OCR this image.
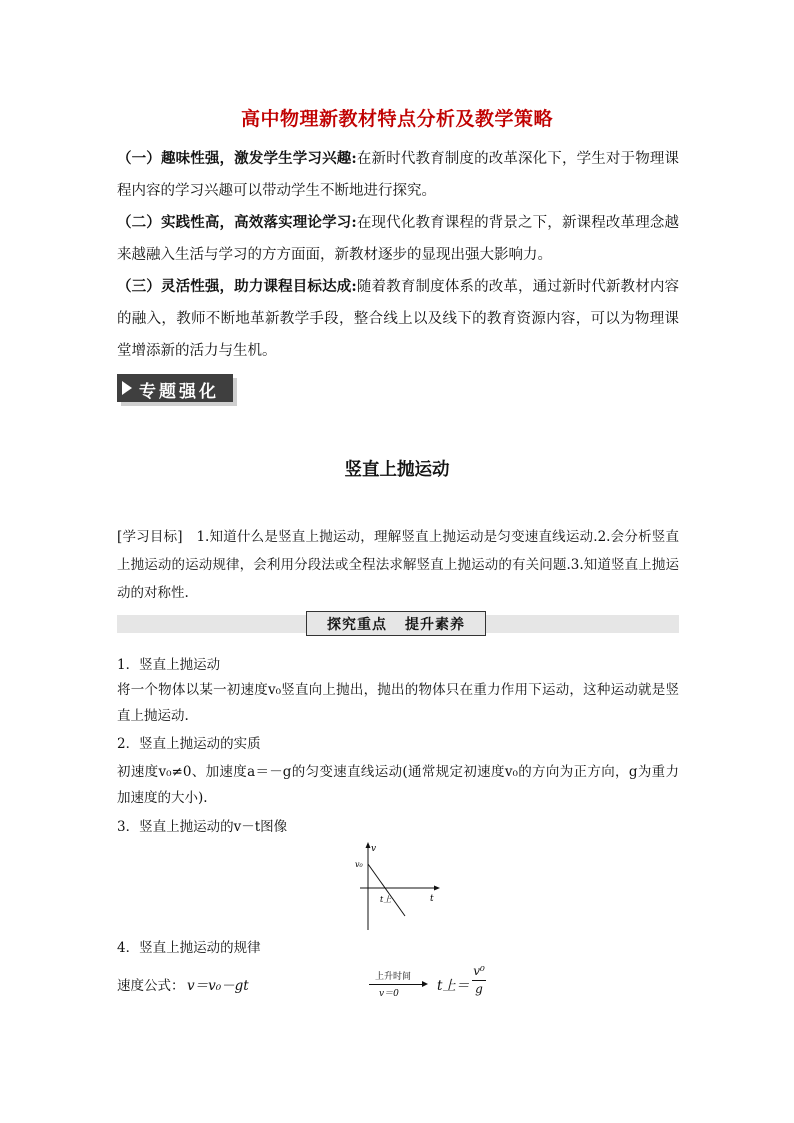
高中物理新教材特点分析及教学策略
（一）趣味性强，激发学生学习兴趣:在新时代教育制度的改革深化下，学生对于物理课程内容的学习兴趣可以带动学生不断地进行探究。
（二）实践性高，高效落实理论学习:在现代化教育课程的背景之下，新课程改革理念越来越融入生活与学习的方方面面，新教材逐步的显现出强大影响力。
（三）灵活性强，助力课程目标达成:随着教育制度体系的改革，通过新时代新教材内容的融入，教师不断地革新教学手段，整合线上以及线下的教育资源内容，可以为物理课堂增添新的活力与生机。
专题强化
竖直上抛运动
[学习目标]　1.知道什么是竖直上抛运动，理解竖直上抛运动是匀变速直线运动.2.会分析竖直上抛运动的运动规律，会利用分段法或全程法求解竖直上抛运动的有关问题.3.知道竖直上抛运动的对称性.
探究重点 提升素养
1．竖直上抛运动
将一个物体以某一初速度v₀竖直向上抛出，抛出的物体只在重力作用下运动，这种运动就是竖直上抛运动.
2．竖直上抛运动的实质
初速度v₀≠0、加速度a＝－g的匀变速直线运动(通常规定初速度v₀的方向为正方向，g为重力加速度的大小).
3．竖直上抛运动的v－t图像
v
v₀
t
t上
4．竖直上抛运动的规律
速度公式： v＝v₀－gt
上升时间
v＝0	t上＝
v⁰
g
